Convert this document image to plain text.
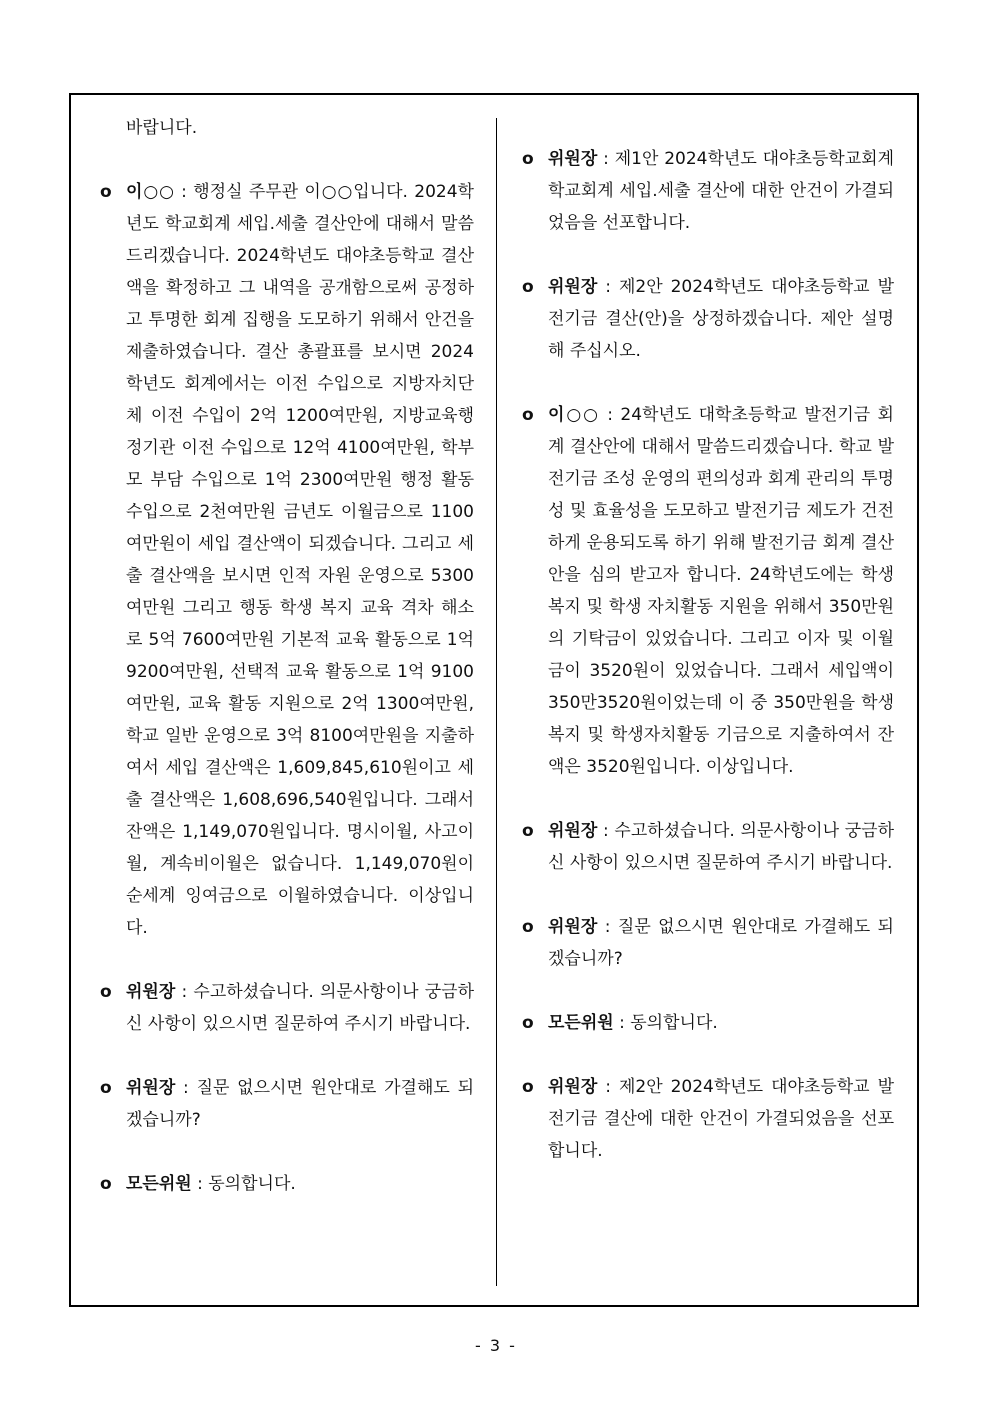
바랍니다.
o 이○○ : 행정실 주무관 이○○입니다. 2024학년도 학교회계 세입.세출 결산안에 대해서 말씀드리겠습니다. 2024학년도 대야초등학교 결산액을 확정하고 그 내역을 공개함으로써 공정하고 투명한 회계 집행을 도모하기 위해서 안건을 제출하였습니다. 결산 총괄표를 보시면 2024학년도 회계에서는 이전 수입으로 지방자치단체 이전 수입이 2억 1200여만원, 지방교육행정기관 이전 수입으로 12억 4100여만원, 학부모 부담 수입으로 1억 2300여만원 행정 활동 수입으로 2천여만원 금년도 이월금으로 1100여만원이 세입 결산액이 되겠습니다. 그리고 세출 결산액을 보시면 인적 자원 운영으로 5300여만원 그리고 행동 학생 복지 교육 격차 해소로 5억 7600여만원 기본적 교육 활동으로 1억 9200여만원, 선택적 교육 활동으로 1억 9100여만원, 교육 활동 지원으로 2억 1300여만원, 학교 일반 운영으로 3억 8100여만원을 지출하여서 세입 결산액은 1,609,845,610원이고 세출 결산액은 1,608,696,540원입니다. 그래서 잔액은 1,149,070원입니다. 명시이월, 사고이월, 계속비이월은 없습니다. 1,149,070원이 순세계 잉여금으로 이월하였습니다. 이상입니다.
o 위원장 : 수고하셨습니다. 의문사항이나 궁금하신 사항이 있으시면 질문하여 주시기 바랍니다.
o 위원장 : 질문 없으시면 원안대로 가결해도 되겠습니까?
o 모든위원 : 동의합니다.
o 위원장 : 제1안 2024학년도 대야초등학교회계 학교회계 세입.세출 결산에 대한 안건이 가결되었음을 선포합니다.
o 위원장 : 제2안 2024학년도 대야초등학교 발전기금 결산(안)을 상정하겠습니다. 제안 설명해 주십시오.
o 이○○ : 24학년도 대학초등학교 발전기금 회계 결산안에 대해서 말씀드리겠습니다. 학교 발전기금 조성 운영의 편의성과 회계 관리의 투명성 및 효율성을 도모하고 발전기금 제도가 건전하게 운용되도록 하기 위해 발전기금 회계 결산안을 심의 받고자 합니다. 24학년도에는 학생 복지 및 학생 자치활동 지원을 위해서 350만원의 기탁금이 있었습니다. 그리고 이자 및 이월금이 3520원이 있었습니다. 그래서 세입액이 350만3520원이었는데 이 중 350만원을 학생복지 및 학생자치활동 기금으로 지출하여서 잔액은 3520원입니다. 이상입니다.
o 위원장 : 수고하셨습니다. 의문사항이나 궁금하신 사항이 있으시면 질문하여 주시기 바랍니다.
o 위원장 : 질문 없으시면 원안대로 가결해도 되겠습니까?
o 모든위원 : 동의합니다.
o 위원장 : 제2안 2024학년도 대야초등학교 발전기금 결산에 대한 안건이 가결되었음을 선포합니다.
- 3 -
